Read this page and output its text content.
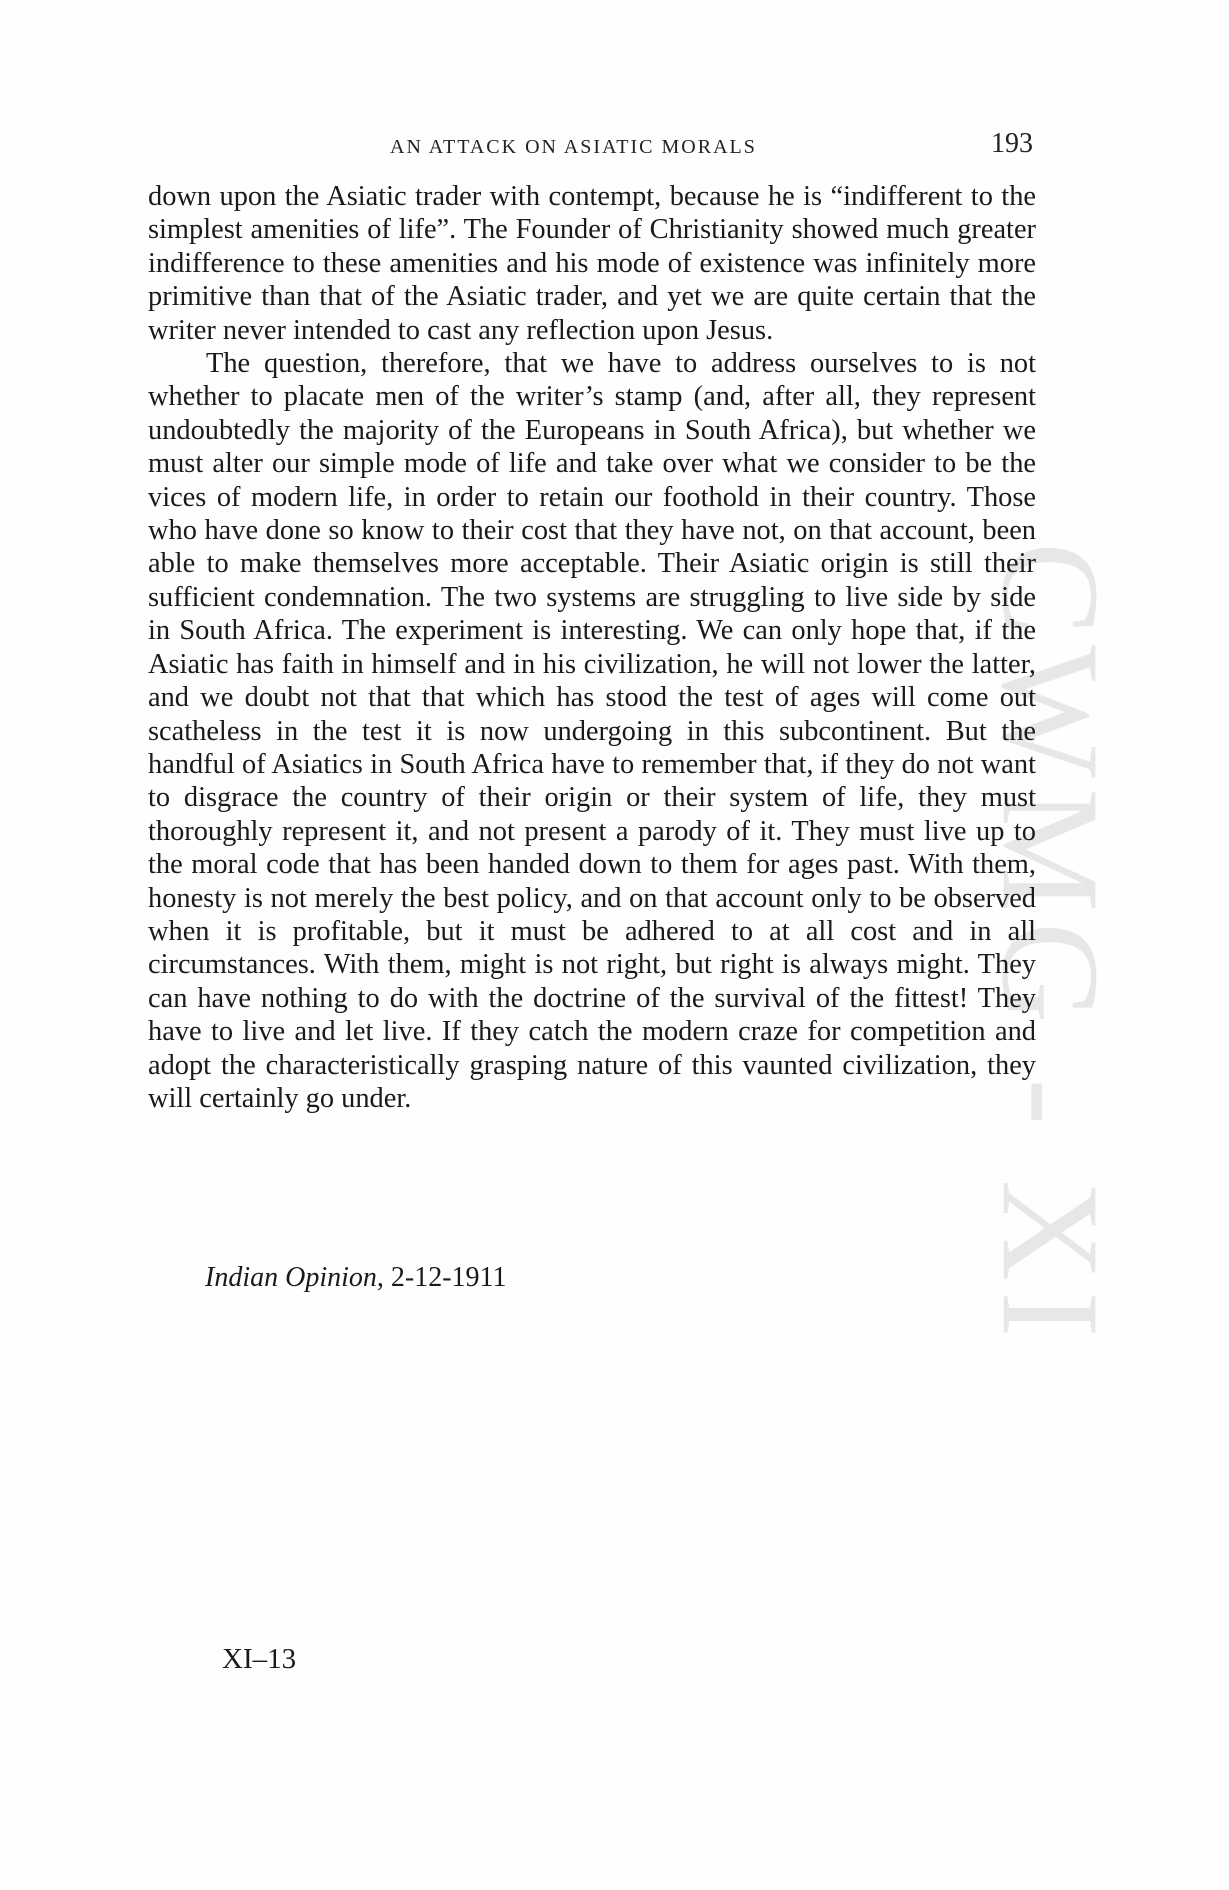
CWMG - XI
AN ATTACK ON ASIATIC MORALS	193

down upon the Asiatic trader with contempt, because he is “indifferent to the simplest amenities of life”. The Founder of Christianity showed much greater indifference to these amenities and his mode of existence was infinitely more primitive than that of the Asiatic trader, and yet we are quite certain that the writer never intended to cast any reflection upon Jesus.

The question, therefore, that we have to address ourselves to is not whether to placate men of the writer’s stamp (and, after all, they represent undoubtedly the majority of the Europeans in South Africa), but whether we must alter our simple mode of life and take over what we consider to be the vices of modern life, in order to retain our foothold in their country. Those who have done so know to their cost that they have not, on that account, been able to make themselves more acceptable. Their Asiatic origin is still their sufficient condemnation. The two systems are struggling to live side by side in South Africa. The experiment is interesting. We can only hope that, if the Asiatic has faith in himself and in his civilization, he will not lower the latter, and we doubt not that that which has stood the test of ages will come out scatheless in the test it is now undergoing in this subcontinent. But the handful of Asiatics in South Africa have to remember that, if they do not want to disgrace the country of their origin or their system of life, they must thoroughly represent it, and not present a parody of it. They must live up to the moral code that has been handed down to them for ages past. With them, honesty is not merely the best policy, and on that account only to be observed when it is profitable, but it must be adhered to at all cost and in all circumstances. With them, might is not right, but right is always might. They can have nothing to do with the doctrine of the survival of the fittest! They have to live and let live. If they catch the modern craze for competition and adopt the characteristically grasping nature of this vaunted civilization, they will certainly go under.

Indian Opinion, 2-12-1911
XI–13
